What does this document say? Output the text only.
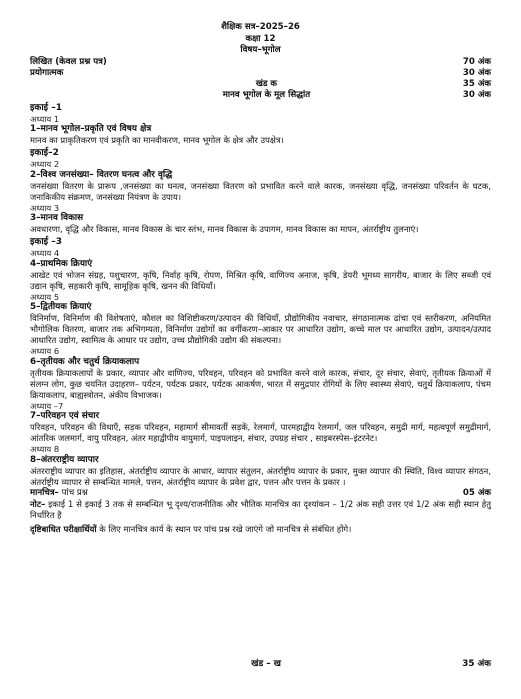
शैक्षिक सत्र–2025–26
कक्षा 12
विषय–भूगोल
लिखित (केवल प्रश्न पत्र)	70 अंक
प्रयोगात्मक	30 अंक
खंड क	35 अंक
मानव भूगोल के मूल सिद्धांत	30 अंक
इकाई –1
अध्याय 1
1–मानव भूगोल–प्रकृति एवं विषय क्षेत्र
मानव का प्राकृतिकरण एवं प्रकृति का मानवीकरण, मानव भूगोल के क्षेत्र और उपक्षेत्र।
इकाई–2
अध्याय 2
2–विश्व जनसंख्या– वितरण घनत्व और वृद्धि
जनसंख्या वितरण के प्रारूप ,जनसंख्या का घनत्व, जनसंख्या वितरण को प्रभावित करने वाले कारक, जनसंख्या वृद्धि, जनसंख्या परिवर्तन के घटक, जनाकिकीय संक्रमण, जनसंख्या नियंत्रण के उपाय।
अध्याय 3
3–मानव विकास
अवधारणा, वृद्धि और विकास, मानव विकास के चार स्तंभ, मानव विकास के उपागम, मानव विकास का मापन, अंतर्राष्ट्रीय तुलनाएं।
इकाई –3
अध्याय 4
4–प्राथमिक क्रियाएं
आखेट एवं भोजन संग्रह, पशुचारण, कृषि, निर्वाह कृषि, रोपण, मिश्रित कृषि, वाणिज्य अनाज, कृषि, डेयरी भूमध्य सागरीय, बाजार के लिए सब्जी एवं उद्यान कृषि, सहकारी कृषि, सामूहिक कृषि, खनन की विधियाँ।
अध्याय 5
5–द्वितीयक क्रियाएं
विनिर्माण, विनिर्माण की विशेषताएं, कौशल का विशिष्टीकरण/उत्पादन की विधियाँ, प्रौद्योगिकीय नवाचार, संगठानात्मक ढांचा एवं स्तरीकरण, अनियमित भौगोलिक वितरण, बाजार तक अभिगम्यता, विनिर्माण उद्योगों का वर्गीकरण–आकार पर आधारित उद्योग, कच्चे माल पर आधारित उद्योग, उत्पादन/उत्पाद आधारित उद्योग, स्वामित्व के आधार पर उद्योग, उच्च प्रौद्योगिकी उद्योग की संकल्पना।
अध्याय 6
6–तृतीयक और चतुर्थ क्रियाकलाप
तृतीयक क्रियाकलापों के प्रकार, व्यापार और वाणिज्य, परिवहन, परिवहन को प्रभावित करने वाले कारक, संचार, दूर संचार, सेवाएं, तृतीयक क्रियाओं में संलग्न लोग, कुछ चयनित उदाहरण– पर्यटन, पर्यटक प्रकार, पर्यटक आकर्षण, भारत में समुद्रपार रोगियों के लिए स्वास्थ्य सेवाएं, चतुर्थ क्रियाकलाप, पंचम क्रियाकलाप, बाह्यस्त्रोतन, अंकीय विभाजक।
अध्याय –7
7–परिवहन एवं संचार
परिवहन, परिवहन की विधाएँ, सड़क परिवहन, महामार्ग सीमावर्ती सड़कें, रेलमार्ग, पारमहाद्वीय रेलमार्ग, जल परिवहन, समुद्री मार्ग, महत्वपूर्ण समुद्रीमार्ग, आंतरिक जलमार्ग, वायु परिवहन, अंतर महाद्वीपीय वायुमार्ग, पाइपलाइन, संचार, उपग्रह संचार , साइबरस्पेस–इंटरनेट।
अध्याय 8
8–अंतरराष्ट्रीय व्यापार
अंतरराष्ट्रीय व्यापार का इतिहास, अंतर्राष्ट्रीय व्यापार के आधार, व्यापार संतुलन, अंतर्राष्ट्रीय व्यापार के प्रकार, मुक्त व्यापार की स्थिति, विश्व व्यापार संगठन, अंतर्राष्ट्रीय व्यापार से सम्बन्धित मामले, पत्तन, अंतर्राष्ट्रीय व्यापार के प्रवेश द्वार, पत्तन और पत्तन के प्रकार ।
मानचित्र– पांच प्रश्न	05 अंक
नोट– इकाई 1 से इकाई 3 तक से सम्बन्धित भू दृश्य/राजनीतिक और भौतिक मानचित्र का दृश्यांकन – 1/2 अंक सही उत्तर एवं 1/2 अंक सही स्थान हेतु निर्धारित है
दृष्टिबाधित परीक्षार्थियों के लिए मानचित्र कार्य के स्थान पर पांच प्रश्न रखे जाएंगे जो मानचित्र से संबंधित होंगे।
खंड – ख	35 अंक
